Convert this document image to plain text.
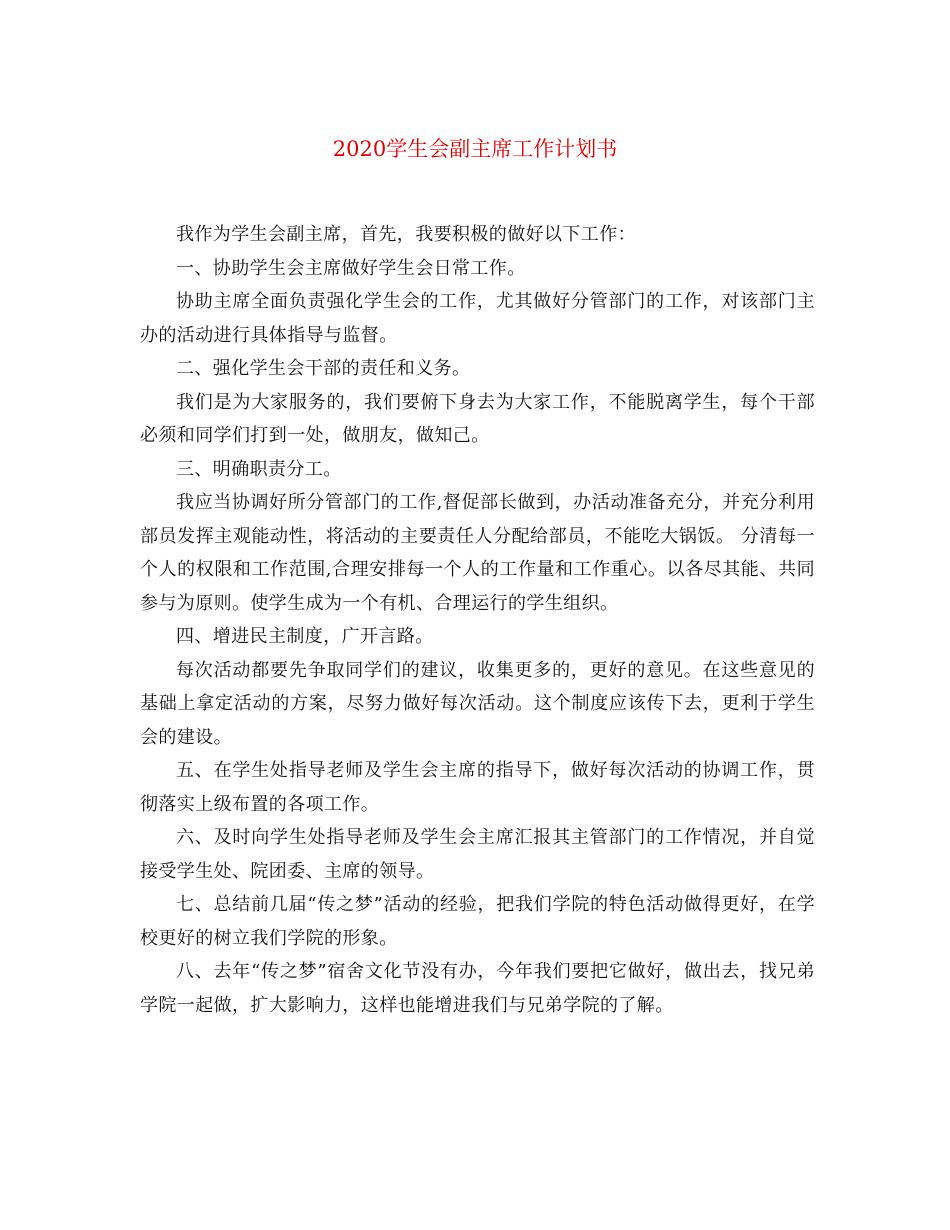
2020学生会副主席工作计划书

我作为学生会副主席，首先，我要积极的做好以下工作：

一、协助学生会主席做好学生会日常工作。

协助主席全面负责强化学生会的工作，尤其做好分管部门的工作，对该部门主办的活动进行具体指导与监督。

二、强化学生会干部的责任和义务。

我们是为大家服务的，我们要俯下身去为大家工作，不能脱离学生，每个干部必须和同学们打到一处，做朋友，做知己。

三、明确职责分工。

我应当协调好所分管部门的工作,督促部长做到，办活动准备充分，并充分利用部员发挥主观能动性，将活动的主要责任人分配给部员，不能吃大锅饭。 分清每一个人的权限和工作范围,合理安排每一个人的工作量和工作重心。以各尽其能、共同参与为原则。使学生成为一个有机、合理运行的学生组织。

四、增进民主制度，广开言路。

每次活动都要先争取同学们的建议，收集更多的，更好的意见。在这些意见的基础上拿定活动的方案，尽努力做好每次活动。这个制度应该传下去，更利于学生会的建设。

五、在学生处指导老师及学生会主席的指导下，做好每次活动的协调工作，贯彻落实上级布置的各项工作。

六、及时向学生处指导老师及学生会主席汇报其主管部门的工作情况，并自觉接受学生处、院团委、主席的领导。

七、总结前几届“传之梦”活动的经验，把我们学院的特色活动做得更好，在学校更好的树立我们学院的形象。

八、去年“传之梦”宿舍文化节没有办，今年我们要把它做好，做出去，找兄弟学院一起做，扩大影响力，这样也能增进我们与兄弟学院的了解。
